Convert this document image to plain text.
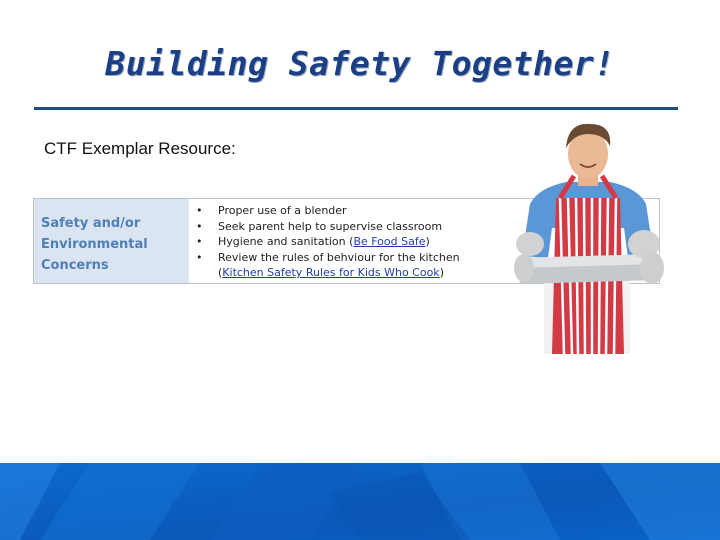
Building Safety Together!
CTF Exemplar Resource:
Safety and/or
Environmental
Concerns
• Proper use of a blender
• Seek parent help to supervise classroom
• Hygiene and sanitation (Be Food Safe)
• Review the rules of behviour for the kitchen
(Kitchen Safety Rules for Kids Who Cook)
